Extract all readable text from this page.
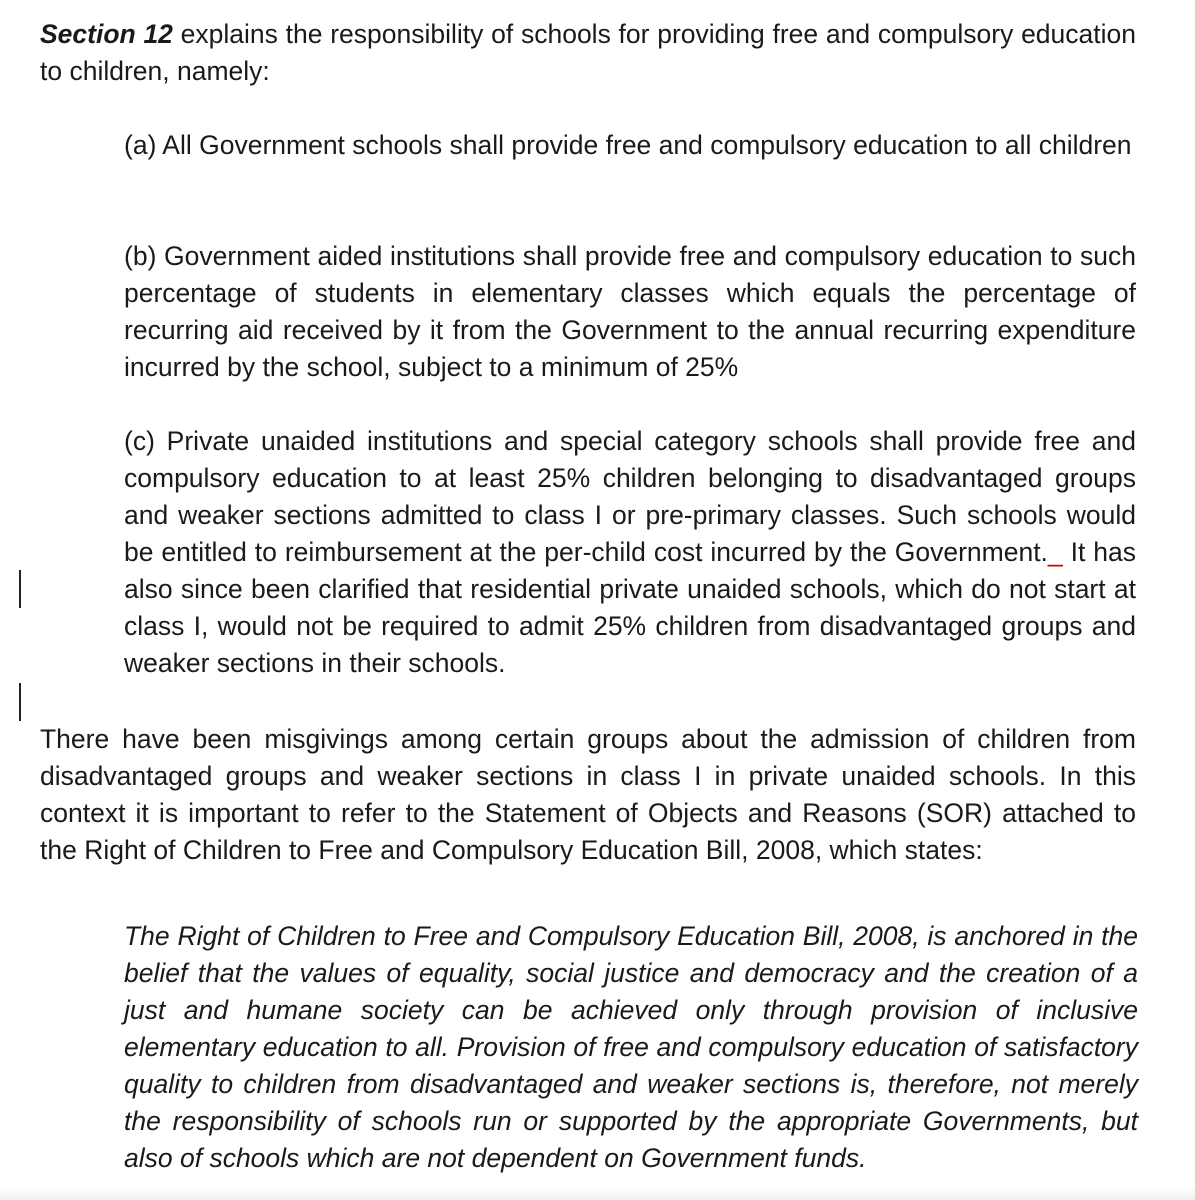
Section 12 explains the responsibility of schools for providing free and compulsory education to children, namely:

(a) All Government schools shall provide free and compulsory education to all children

(b) Government aided institutions shall provide free and compulsory education to such percentage of students in elementary classes which equals the percentage of recurring aid received by it from the Government to the annual recurring expenditure incurred by the school, subject to a minimum of 25%

(c) Private unaided institutions and special category schools shall provide free and compulsory education to at least 25% children belonging to disadvantaged groups and weaker sections admitted to class I or pre-primary classes. Such schools would be entitled to reimbursement at the per-child cost incurred by the Government._ It has also since been clarified that residential private unaided schools, which do not start at class I, would not be required to admit 25% children from disadvantaged groups and weaker sections in their schools.

There have been misgivings among certain groups about the admission of children from disadvantaged groups and weaker sections in class I in private unaided schools. In this context it is important to refer to the Statement of Objects and Reasons (SOR) attached to the Right of Children to Free and Compulsory Education Bill, 2008, which states:

The Right of Children to Free and Compulsory Education Bill, 2008, is anchored in the belief that the values of equality, social justice and democracy and the creation of a just and humane society can be achieved only through provision of inclusive elementary education to all. Provision of free and compulsory education of satisfactory quality to children from disadvantaged and weaker sections is, therefore, not merely the responsibility of schools run or supported by the appropriate Governments, but also of schools which are not dependent on Government funds.
